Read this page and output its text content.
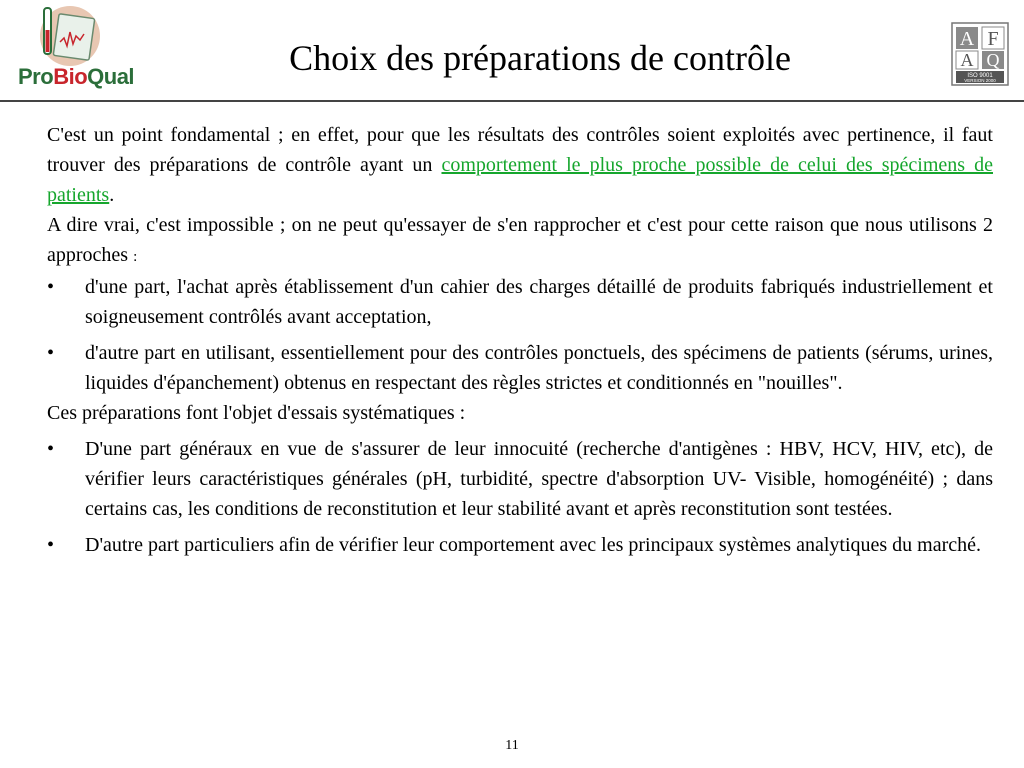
ProBioQual	Choix des préparations de contrôle	A F
A Q
ISO 9001
VERSION 2000

C'est un point fondamental ; en effet, pour que les résultats des contrôles soient exploités avec pertinence, il faut trouver des préparations de contrôle ayant un comportement le plus proche possible de celui des spécimens de patients.

A dire vrai, c'est impossible ; on ne peut qu'essayer de s'en rapprocher et c'est pour cette raison que nous utilisons 2 approches :

• d'une part, l'achat après établissement d'un cahier des charges détaillé de produits fabriqués industriellement et soigneusement contrôlés avant acceptation,
• d'autre part en utilisant, essentiellement pour des contrôles ponctuels, des spécimens de patients (sérums, urines, liquides d'épanchement) obtenus en respectant des règles strictes et conditionnés en "nouilles".

Ces préparations font l'objet d'essais systématiques :

• D'une part généraux en vue de s'assurer de leur innocuité (recherche d'antigènes : HBV, HCV, HIV, etc), de vérifier leurs caractéristiques générales (pH, turbidité, spectre d'absorption UV- Visible, homogénéité) ; dans certains cas, les conditions de reconstitution et leur stabilité avant et après reconstitution sont testées.
• D'autre part particuliers afin de vérifier leur comportement avec les principaux systèmes analytiques du marché.
11
